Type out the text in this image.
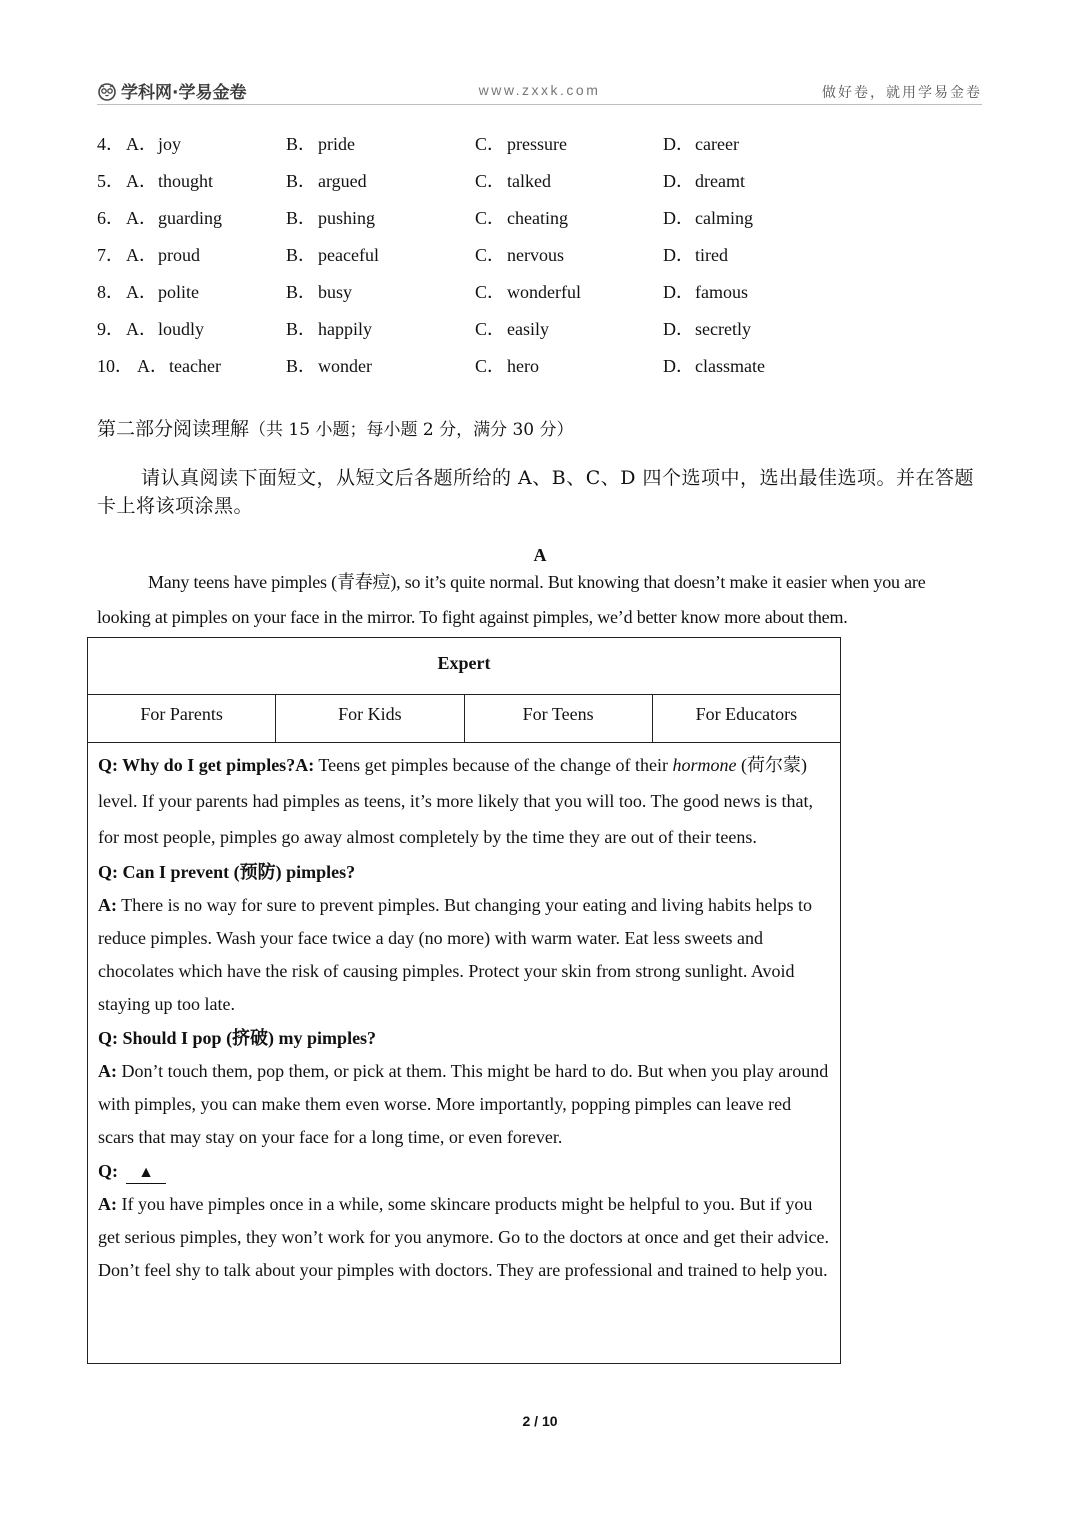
学科网·学易金卷	www.zxxk.com	做好卷，就用学易金卷
4． A．joy	B． pride	C． pressure	D．career
5． A．thought	B． argued	C． talked	D．dreamt
6． A．guarding	B． pushing	C． cheating	D．calming
7． A．proud	B． peaceful	C． nervous	D．tired
8． A．polite	B． busy	C． wonderful	D．famous
9． A．loudly	B． happily	C． easily	D．secretly
10． A．teacher	B． wonder	C． hero	D．classmate
第二部分阅读理解（共 15 小题；每小题 2 分，满分 30 分）
请认真阅读下面短文，从短文后各题所给的 A、B、C、D 四个选项中，选出最佳选项。并在答题卡上将该项涂黑。
A
Many teens have pimples (青春痘), so it’s quite normal. But knowing that doesn’t make it easier when you are looking at pimples on your face in the mirror. To fight against pimples, we’d better know more about them.
Expert
For Parents	For Kids	For Teens	For Educators

Q: Why do I get pimples?A: Teens get pimples because of the change of their hormone (荷尔蒙) level. If your parents had pimples as teens, it’s more likely that you will too. The good news is that, for most people, pimples go away almost completely by the time they are out of their teens.

Q: Can I prevent (预防) pimples?

A: There is no way for sure to prevent pimples. But changing your eating and living habits helps to reduce pimples. Wash your face twice a day (no more) with warm water. Eat less sweets and chocolates which have the risk of causing pimples. Protect your skin from strong sunlight. Avoid staying up too late.

Q: Should I pop (挤破) my pimples?

A: Don’t touch them, pop them, or pick at them. This might be hard to do. But when you play around with pimples, you can make them even worse. More importantly, popping pimples can leave red scars that may stay on your face for a long time, or even forever.

Q: ▲

A: If you have pimples once in a while, some skincare products might be helpful to you. But if you get serious pimples, they won’t work for you anymore. Go to the doctors at once and get their advice. Don’t feel shy to talk about your pimples with doctors. They are professional and trained to help you.

2 / 10
